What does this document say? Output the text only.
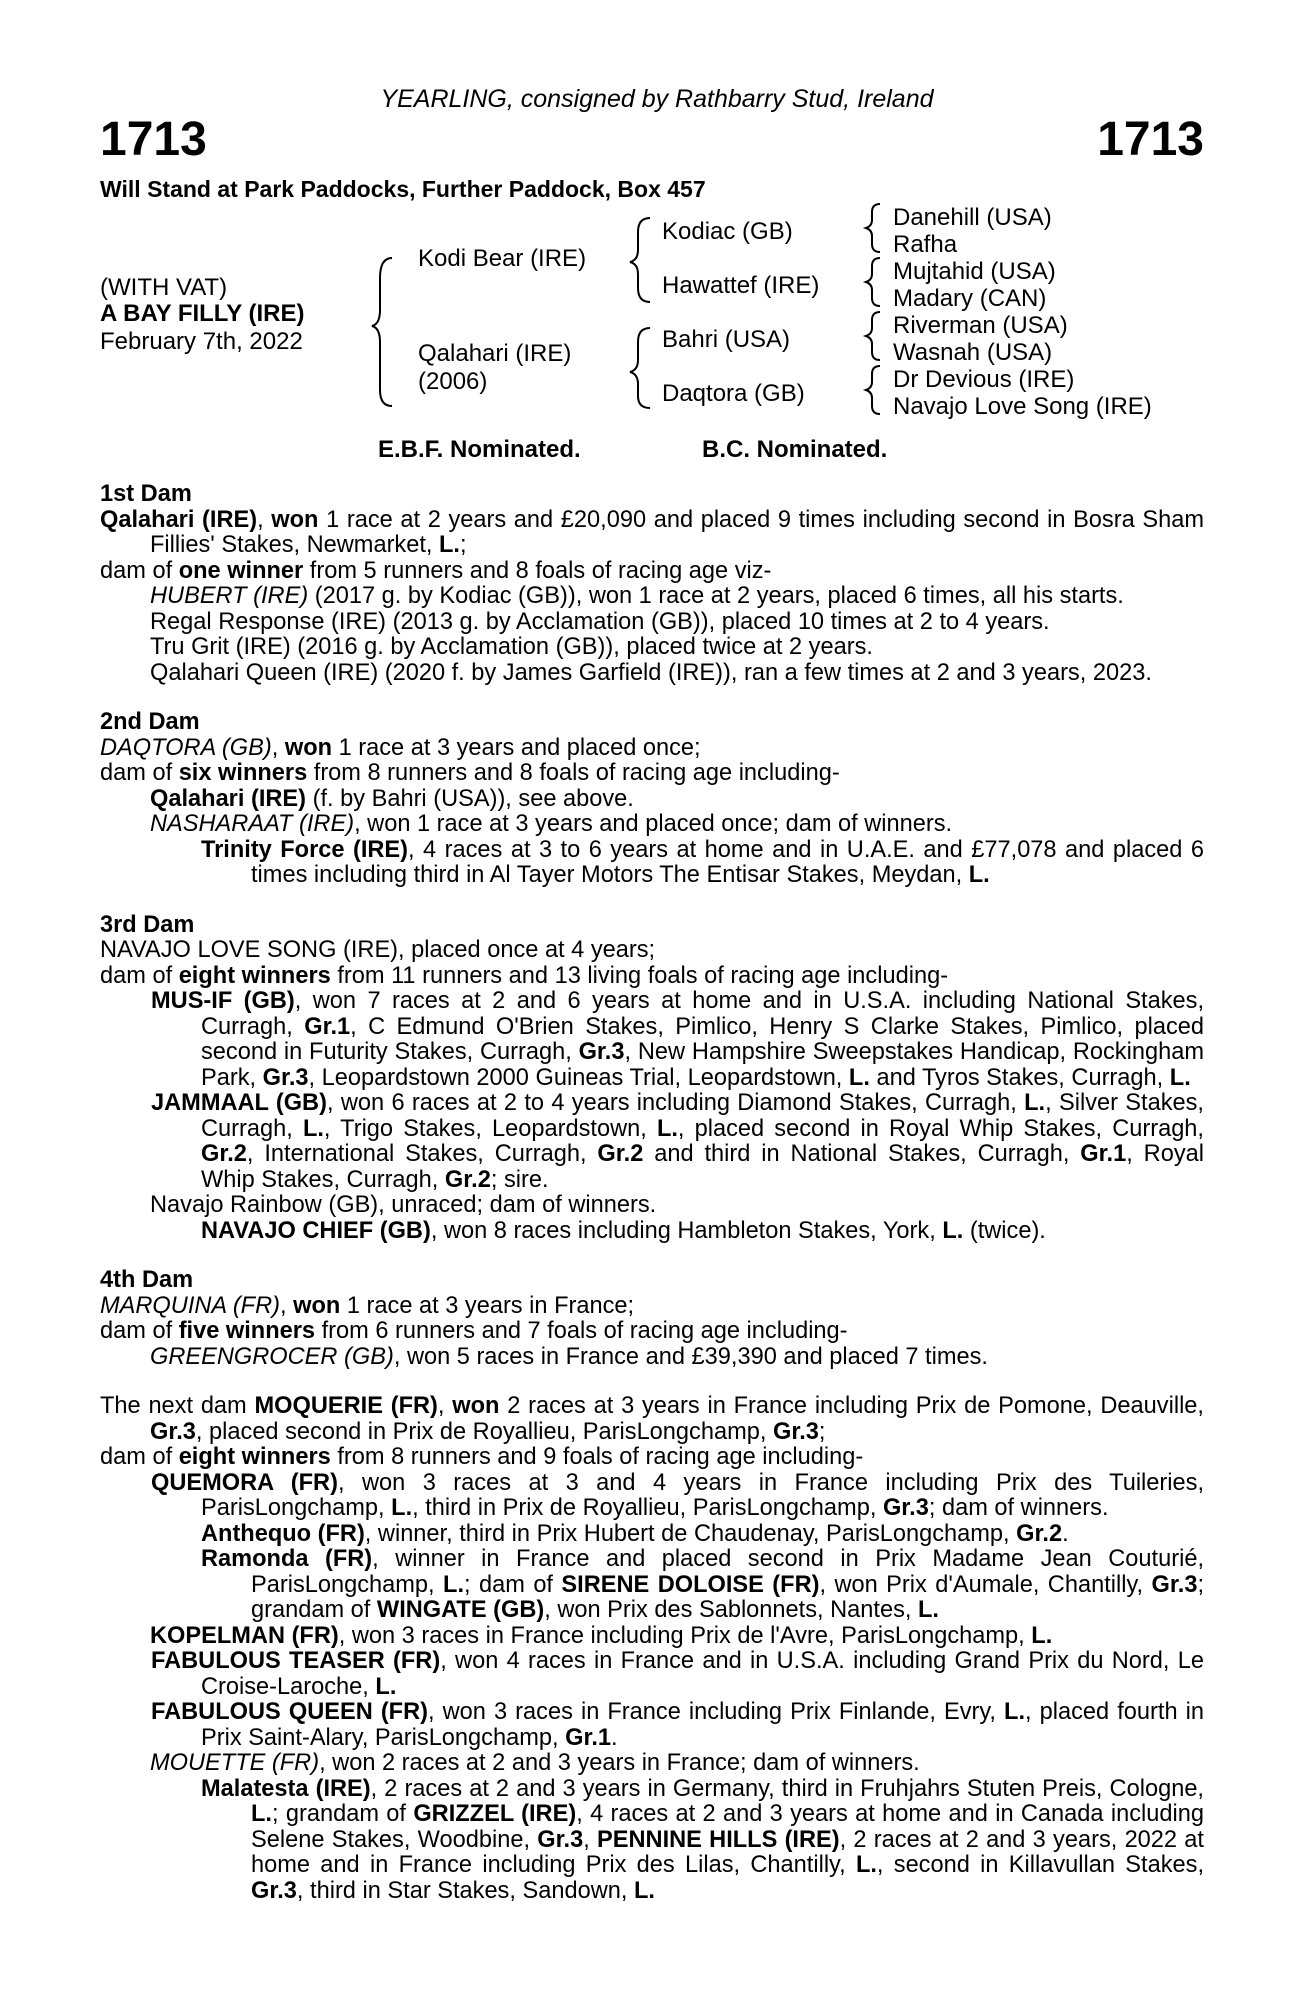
YEARLING, consigned by Rathbarry Stud, Ireland
1713	1713
Will Stand at Park Paddocks, Further Paddock, Box 457
(WITH VAT)
A BAY FILLY (IRE)
February 7th, 2022
Kodi Bear (IRE)
Qalahari (IRE)
(2006)
Kodiac (GB)
Hawattef (IRE)
Bahri (USA)
Daqtora (GB)
Danehill (USA)
Rafha
Mujtahid (USA)
Madary (CAN)
Riverman (USA)
Wasnah (USA)
Dr Devious (IRE)
Navajo Love Song (IRE)
E.B.F. Nominated.	B.C. Nominated.
1st Dam
Qalahari (IRE), won 1 race at 2 years and £20,090 and placed 9 times including second in Bosra Sham Fillies' Stakes, Newmarket, L.;
dam of one winner from 5 runners and 8 foals of racing age viz-
HUBERT (IRE) (2017 g. by Kodiac (GB)), won 1 race at 2 years, placed 6 times, all his starts.
Regal Response (IRE) (2013 g. by Acclamation (GB)), placed 10 times at 2 to 4 years.
Tru Grit (IRE) (2016 g. by Acclamation (GB)), placed twice at 2 years.
Qalahari Queen (IRE) (2020 f. by James Garfield (IRE)), ran a few times at 2 and 3 years, 2023.
2nd Dam
DAQTORA (GB), won 1 race at 3 years and placed once;
dam of six winners from 8 runners and 8 foals of racing age including-
Qalahari (IRE) (f. by Bahri (USA)), see above.
NASHARAAT (IRE), won 1 race at 3 years and placed once; dam of winners.
Trinity Force (IRE), 4 races at 3 to 6 years at home and in U.A.E. and £77,078 and placed 6 times including third in Al Tayer Motors The Entisar Stakes, Meydan, L.
3rd Dam
NAVAJO LOVE SONG (IRE), placed once at 4 years;
dam of eight winners from 11 runners and 13 living foals of racing age including-
MUS-IF (GB), won 7 races at 2 and 6 years at home and in U.S.A. including National Stakes, Curragh, Gr.1, C Edmund O'Brien Stakes, Pimlico, Henry S Clarke Stakes, Pimlico, placed second in Futurity Stakes, Curragh, Gr.3, New Hampshire Sweepstakes Handicap, Rockingham Park, Gr.3, Leopardstown 2000 Guineas Trial, Leopardstown, L. and Tyros Stakes, Curragh, L.
JAMMAAL (GB), won 6 races at 2 to 4 years including Diamond Stakes, Curragh, L., Silver Stakes, Curragh, L., Trigo Stakes, Leopardstown, L., placed second in Royal Whip Stakes, Curragh, Gr.2, International Stakes, Curragh, Gr.2 and third in National Stakes, Curragh, Gr.1, Royal Whip Stakes, Curragh, Gr.2; sire.
Navajo Rainbow (GB), unraced; dam of winners.
NAVAJO CHIEF (GB), won 8 races including Hambleton Stakes, York, L. (twice).
4th Dam
MARQUINA (FR), won 1 race at 3 years in France;
dam of five winners from 6 runners and 7 foals of racing age including-
GREENGROCER (GB), won 5 races in France and £39,390 and placed 7 times.
The next dam MOQUERIE (FR), won 2 races at 3 years in France including Prix de Pomone, Deauville, Gr.3, placed second in Prix de Royallieu, ParisLongchamp, Gr.3;
dam of eight winners from 8 runners and 9 foals of racing age including-
QUEMORA (FR), won 3 races at 3 and 4 years in France including Prix des Tuileries, ParisLongchamp, L., third in Prix de Royallieu, ParisLongchamp, Gr.3; dam of winners.
Anthequo (FR), winner, third in Prix Hubert de Chaudenay, ParisLongchamp, Gr.2.
Ramonda (FR), winner in France and placed second in Prix Madame Jean Couturié, ParisLongchamp, L.; dam of SIRENE DOLOISE (FR), won Prix d'Aumale, Chantilly, Gr.3; grandam of WINGATE (GB), won Prix des Sablonnets, Nantes, L.
KOPELMAN (FR), won 3 races in France including Prix de l'Avre, ParisLongchamp, L.
FABULOUS TEASER (FR), won 4 races in France and in U.S.A. including Grand Prix du Nord, Le Croise-Laroche, L.
FABULOUS QUEEN (FR), won 3 races in France including Prix Finlande, Evry, L., placed fourth in Prix Saint-Alary, ParisLongchamp, Gr.1.
MOUETTE (FR), won 2 races at 2 and 3 years in France; dam of winners.
Malatesta (IRE), 2 races at 2 and 3 years in Germany, third in Fruhjahrs Stuten Preis, Cologne, L.; grandam of GRIZZEL (IRE), 4 races at 2 and 3 years at home and in Canada including Selene Stakes, Woodbine, Gr.3, PENNINE HILLS (IRE), 2 races at 2 and 3 years, 2022 at home and in France including Prix des Lilas, Chantilly, L., second in Killavullan Stakes, Gr.3, third in Star Stakes, Sandown, L.
